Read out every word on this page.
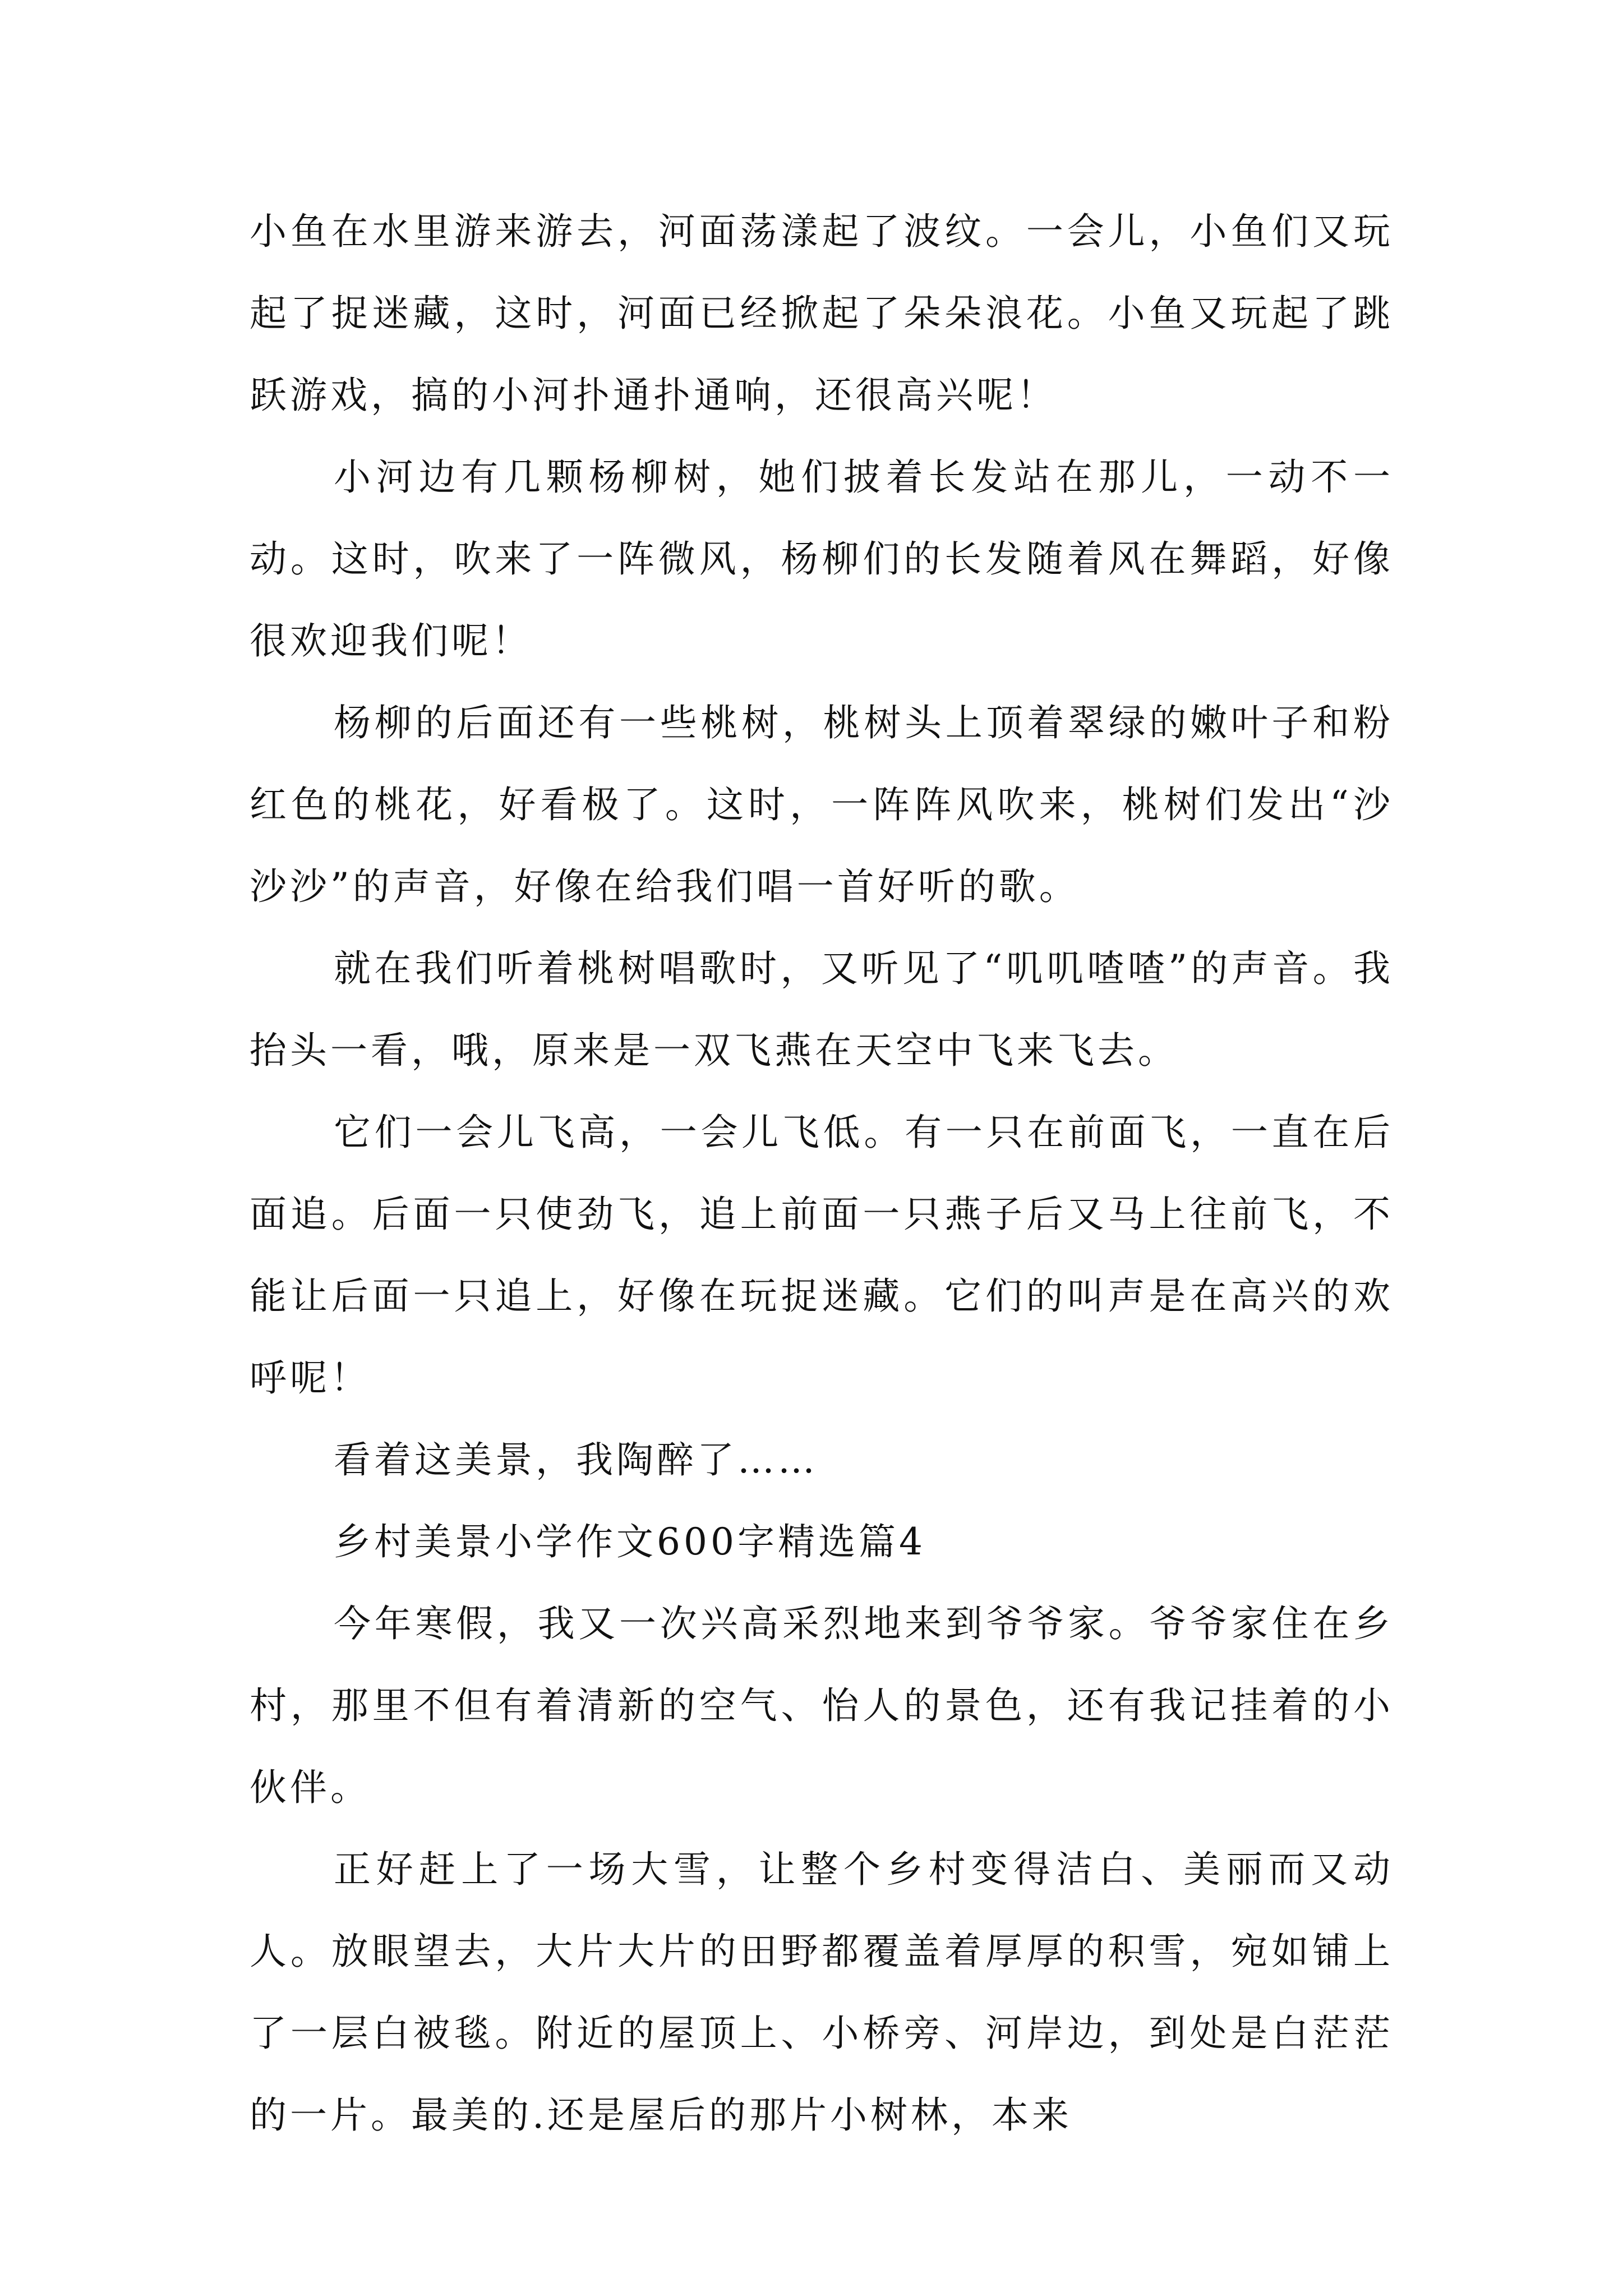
小鱼在水里游来游去，河面荡漾起了波纹。一会儿，小鱼们又玩起了捉迷藏，这时，河面已经掀起了朵朵浪花。小鱼又玩起了跳跃游戏，搞的小河扑通扑通响，还很高兴呢！

小河边有几颗杨柳树，她们披着长发站在那儿，一动不一动。这时，吹来了一阵微风，杨柳们的长发随着风在舞蹈，好像很欢迎我们呢！

杨柳的后面还有一些桃树，桃树头上顶着翠绿的嫩叶子和粉红色的桃花，好看极了。这时，一阵阵风吹来，桃树们发出“沙沙沙”的声音，好像在给我们唱一首好听的歌。

就在我们听着桃树唱歌时，又听见了“叽叽喳喳”的声音。我抬头一看，哦，原来是一双飞燕在天空中飞来飞去。

它们一会儿飞高，一会儿飞低。有一只在前面飞，一直在后面追。后面一只使劲飞，追上前面一只燕子后又马上往前飞，不能让后面一只追上，好像在玩捉迷藏。它们的叫声是在高兴的欢呼呢！

看着这美景，我陶醉了……

乡村美景小学作文600字精选篇4

今年寒假，我又一次兴高采烈地来到爷爷家。爷爷家住在乡村，那里不但有着清新的空气、怡人的景色，还有我记挂着的小伙伴。

正好赶上了一场大雪，让整个乡村变得洁白、美丽而又动人。放眼望去，大片大片的田野都覆盖着厚厚的积雪，宛如铺上了一层白被毯。附近的屋顶上、小桥旁、河岸边，到处是白茫茫的一片。最美的.还是屋后的那片小树林，本来
